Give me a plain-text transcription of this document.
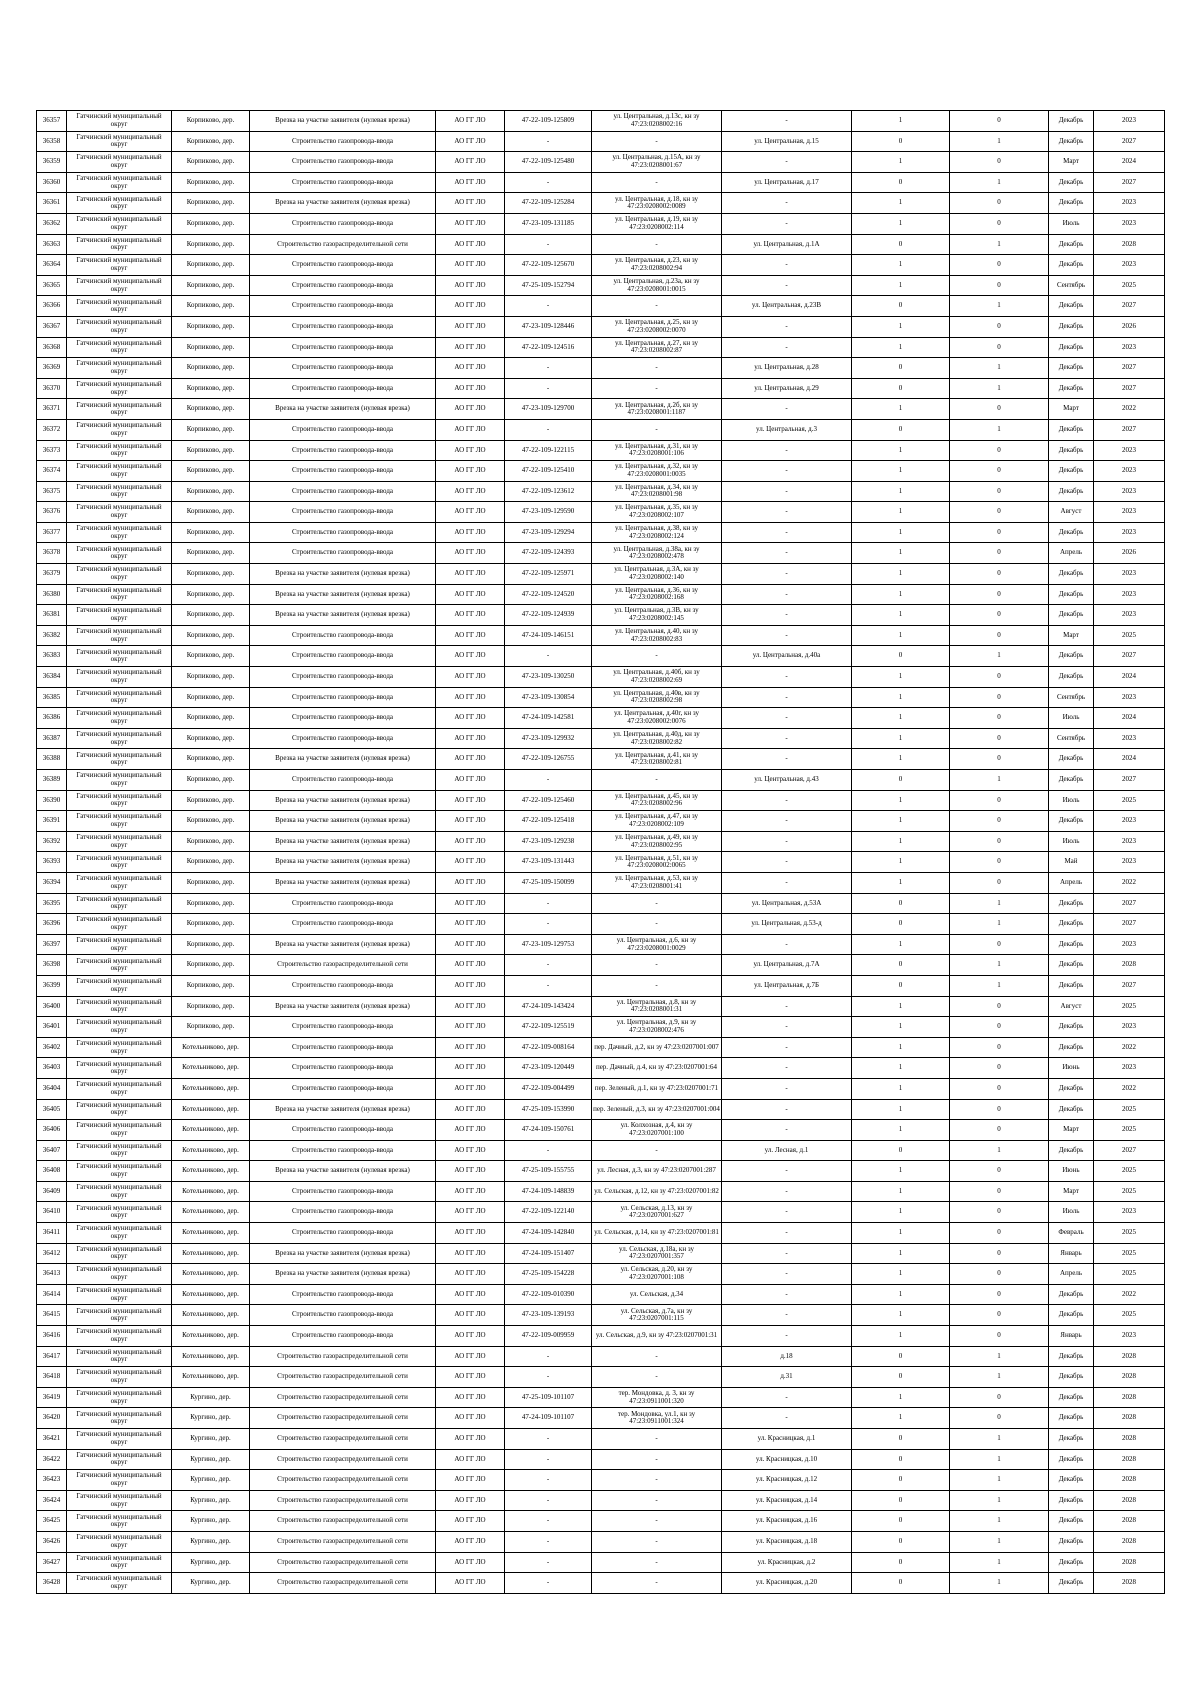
36357	Гатчинский муниципальный округ	Корпиково, дер.	Врезка на участке заявителя (нулевая врезка)	АО ГГ ЛО	47-22-109-125809	ул. Центральная, д.13с, кн зу 47:23:0208002:16	-	1	0	Декабрь	2023
36358	Гатчинский муниципальный округ	Корпиково, дер.	Строительство газопровода-ввода	АО ГГ ЛО	-	-	ул. Центральная, д.15	0	1	Декабрь	2027
36359	Гатчинский муниципальный округ	Корпиково, дер.	Строительство газопровода-ввода	АО ГГ ЛО	47-22-109-125480	ул. Центральная, д.15А, кн зу 47:23:0208001:67	-	1	0	Март	2024
36360	Гатчинский муниципальный округ	Корпиково, дер.	Строительство газопровода-ввода	АО ГГ ЛО	-	-	ул. Центральная, д.17	0	1	Декабрь	2027
36361	Гатчинский муниципальный округ	Корпиково, дер.	Врезка на участке заявителя (нулевая врезка)	АО ГГ ЛО	47-22-109-125284	ул. Центральная, д.18, кн зу 47:23:0208002:0089	-	1	0	Декабрь	2023
36362	Гатчинский муниципальный округ	Корпиково, дер.	Строительство газопровода-ввода	АО ГГ ЛО	47-23-109-131185	ул. Центральная, д.19, кн зу 47:23:0208002:114	-	1	0	Июль	2023
36363	Гатчинский муниципальный округ	Корпиково, дер.	Строительство газораспределительной сети	АО ГГ ЛО	-	-	ул. Центральная, д.1А	0	1	Декабрь	2028
36364	Гатчинский муниципальный округ	Корпиково, дер.	Строительство газопровода-ввода	АО ГГ ЛО	47-22-109-125670	ул. Центральная, д.23, кн зу 47:23:0208002:94	-	1	0	Декабрь	2023
36365	Гатчинский муниципальный округ	Корпиково, дер.	Строительство газопровода-ввода	АО ГГ ЛО	47-25-109-152794	ул. Центральная, д.23а, кн зу 47:23:0208001:0015	-	1	0	Сентябрь	2025
36366	Гатчинский муниципальный округ	Корпиково, дер.	Строительство газопровода-ввода	АО ГГ ЛО	-	-	ул. Центральная, д.23В	0	1	Декабрь	2027
36367	Гатчинский муниципальный округ	Корпиково, дер.	Строительство газопровода-ввода	АО ГГ ЛО	47-23-109-128446	ул. Центральная, д.25, кн зу 47:23:0208002:0070	-	1	0	Декабрь	2026
36368	Гатчинский муниципальный округ	Корпиково, дер.	Строительство газопровода-ввода	АО ГГ ЛО	47-22-109-124516	ул. Центральная, д.27, кн зу 47:23:0208002:87	-	1	0	Декабрь	2023
36369	Гатчинский муниципальный округ	Корпиково, дер.	Строительство газопровода-ввода	АО ГГ ЛО	-	-	ул. Центральная, д.28	0	1	Декабрь	2027
36370	Гатчинский муниципальный округ	Корпиково, дер.	Строительство газопровода-ввода	АО ГГ ЛО	-	-	ул. Центральная, д.29	0	1	Декабрь	2027
36371	Гатчинский муниципальный округ	Корпиково, дер.	Врезка на участке заявителя (нулевая врезка)	АО ГГ ЛО	47-23-109-129700	ул. Центральная, д.2б, кн зу 47:23:0208001:1187	-	1	0	Март	2022
36372	Гатчинский муниципальный округ	Корпиково, дер.	Строительство газопровода-ввода	АО ГГ ЛО	-	-	ул. Центральная, д.3	0	1	Декабрь	2027
36373	Гатчинский муниципальный округ	Корпиково, дер.	Строительство газопровода-ввода	АО ГГ ЛО	47-22-109-122115	ул. Центральная, д.31, кн зу 47:23:0208001:106	-	1	0	Декабрь	2023
36374	Гатчинский муниципальный округ	Корпиково, дер.	Строительство газопровода-ввода	АО ГГ ЛО	47-22-109-125410	ул. Центральная, д.32, кн зу 47:23:0208001:0035	-	1	0	Декабрь	2023
36375	Гатчинский муниципальный округ	Корпиково, дер.	Строительство газопровода-ввода	АО ГГ ЛО	47-22-109-123612	ул. Центральная, д.34, кн зу 47:23:0208001:98	-	1	0	Декабрь	2023
36376	Гатчинский муниципальный округ	Корпиково, дер.	Строительство газопровода-ввода	АО ГГ ЛО	47-23-109-129590	ул. Центральная, д.35, кн зу 47:23:0208002:107	-	1	0	Август	2023
36377	Гатчинский муниципальный округ	Корпиково, дер.	Строительство газопровода-ввода	АО ГГ ЛО	47-23-109-129294	ул. Центральная, д.38, кн зу 47:23:0208002:124	-	1	0	Декабрь	2023
36378	Гатчинский муниципальный округ	Корпиково, дер.	Строительство газопровода-ввода	АО ГГ ЛО	47-22-109-124393	ул. Центральная, д.38а, кн зу 47:23:0208002:478	-	1	0	Апрель	2026
36379	Гатчинский муниципальный округ	Корпиково, дер.	Врезка на участке заявителя (нулевая врезка)	АО ГГ ЛО	47-22-109-125971	ул. Центральная, д.3А, кн зу 47:23:0208002:140	-	1	0	Декабрь	2023
36380	Гатчинский муниципальный округ	Корпиково, дер.	Врезка на участке заявителя (нулевая врезка)	АО ГГ ЛО	47-22-109-124520	ул. Центральная, д.36, кн зу 47:23:0208002:168	-	1	0	Декабрь	2023
36381	Гатчинский муниципальный округ	Корпиково, дер.	Врезка на участке заявителя (нулевая врезка)	АО ГГ ЛО	47-22-109-124939	ул. Центральная, д.3В, кн зу 47:23:0208002:145	-	1	0	Декабрь	2023
36382	Гатчинский муниципальный округ	Корпиково, дер.	Строительство газопровода-ввода	АО ГГ ЛО	47-24-109-146151	ул. Центральная, д.40, кн зу 47:23:0208002:83	-	1	0	Март	2025
36383	Гатчинский муниципальный округ	Корпиково, дер.	Строительство газопровода-ввода	АО ГГ ЛО	-	-	ул. Центральная, д.40а	0	1	Декабрь	2027
36384	Гатчинский муниципальный округ	Корпиково, дер.	Строительство газопровода-ввода	АО ГГ ЛО	47-23-109-130250	ул. Центральная, д.40б, кн зу 47:23:0208002:69	-	1	0	Декабрь	2024
36385	Гатчинский муниципальный округ	Корпиково, дер.	Строительство газопровода-ввода	АО ГГ ЛО	47-23-109-130854	ул. Центральная, д.40в, кн зу 47:23:0208002:98	-	1	0	Сентябрь	2023
36386	Гатчинский муниципальный округ	Корпиково, дер.	Строительство газопровода-ввода	АО ГГ ЛО	47-24-109-142581	ул. Центральная, д.40г, кн зу 47:23:0208002:0076	-	1	0	Июль	2024
36387	Гатчинский муниципальный округ	Корпиково, дер.	Строительство газопровода-ввода	АО ГГ ЛО	47-23-109-129932	ул. Центральная, д.40д, кн зу 47:23:0208002:82	-	1	0	Сентябрь	2023
36388	Гатчинский муниципальный округ	Корпиково, дер.	Врезка на участке заявителя (нулевая врезка)	АО ГГ ЛО	47-22-109-126755	ул. Центральная, д.41, кн зу 47:23:0208002:81	-	1	0	Декабрь	2024
36389	Гатчинский муниципальный округ	Корпиково, дер.	Строительство газопровода-ввода	АО ГГ ЛО	-	-	ул. Центральная, д.43	0	1	Декабрь	2027
36390	Гатчинский муниципальный округ	Корпиково, дер.	Врезка на участке заявителя (нулевая врезка)	АО ГГ ЛО	47-22-109-125460	ул. Центральная, д.45, кн зу 47:23:0208002:96	-	1	0	Июль	2025
36391	Гатчинский муниципальный округ	Корпиково, дер.	Врезка на участке заявителя (нулевая врезка)	АО ГГ ЛО	47-22-109-125418	ул. Центральная, д.47, кн зу 47:23:0208002:109	-	1	0	Декабрь	2023
36392	Гатчинский муниципальный округ	Корпиково, дер.	Врезка на участке заявителя (нулевая врезка)	АО ГГ ЛО	47-23-109-129238	ул. Центральная, д.49, кн зу 47:23:0208002:95	-	1	0	Июль	2023
36393	Гатчинский муниципальный округ	Корпиково, дер.	Врезка на участке заявителя (нулевая врезка)	АО ГГ ЛО	47-23-109-131443	ул. Центральная, д.51, кн зу 47:23:0208002:0065	-	1	0	Май	2023
36394	Гатчинский муниципальный округ	Корпиково, дер.	Врезка на участке заявителя (нулевая врезка)	АО ГГ ЛО	47-25-109-150099	ул. Центральная, д.53, кн зу 47:23:0208001:41	-	1	0	Апрель	2022
36395	Гатчинский муниципальный округ	Корпиково, дер.	Строительство газопровода-ввода	АО ГГ ЛО	-	-	ул. Центральная, д.53А	0	1	Декабрь	2027
36396	Гатчинский муниципальный округ	Корпиково, дер.	Строительство газопровода-ввода	АО ГГ ЛО	-	-	ул. Центральная, д.53-д	0	1	Декабрь	2027
36397	Гатчинский муниципальный округ	Корпиково, дер.	Врезка на участке заявителя (нулевая врезка)	АО ГГ ЛО	47-23-109-129753	ул. Центральная, д.6, кн зу 47:23:0208001:0029	-	1	0	Декабрь	2023
36398	Гатчинский муниципальный округ	Корпиково, дер.	Строительство газораспределительной сети	АО ГГ ЛО	-	-	ул. Центральная, д.7А	0	1	Декабрь	2028
36399	Гатчинский муниципальный округ	Корпиково, дер.	Строительство газопровода-ввода	АО ГГ ЛО	-	-	ул. Центральная, д.7Б	0	1	Декабрь	2027
36400	Гатчинский муниципальный округ	Корпиково, дер.	Врезка на участке заявителя (нулевая врезка)	АО ГГ ЛО	47-24-109-143424	ул. Центральная, д.8, кн зу 47:23:0208001:31	-	1	0	Август	2025
36401	Гатчинский муниципальный округ	Корпиково, дер.	Строительство газопровода-ввода	АО ГГ ЛО	47-22-109-125519	ул. Центральная, д.9, кн зу 47:23:0208002:476	-	1	0	Декабрь	2023
36402	Гатчинский муниципальный округ	Котельниково, дер.	Строительство газопровода-ввода	АО ГГ ЛО	47-22-109-008164	пер. Дачный, д.2, кн зу 47:23:0207001:007	-	1	0	Декабрь	2022
36403	Гатчинский муниципальный округ	Котельниково, дер.	Строительство газопровода-ввода	АО ГГ ЛО	47-23-109-120449	пер. Дачный, д.4, кн зу 47:23:0207001:64	-	1	0	Июнь	2023
36404	Гатчинский муниципальный округ	Котельниково, дер.	Строительство газопровода-ввода	АО ГГ ЛО	47-22-109-004499	пер. Зеленый, д.1, кн зу 47:23:0207001:71	-	1	0	Декабрь	2022
36405	Гатчинский муниципальный округ	Котельниково, дер.	Врезка на участке заявителя (нулевая врезка)	АО ГГ ЛО	47-25-109-153990	пер. Зеленый, д.3, кн зу 47:23:0207001:004	-	1	0	Декабрь	2025
36406	Гатчинский муниципальный округ	Котельниково, дер.	Строительство газопровода-ввода	АО ГГ ЛО	47-24-109-150761	ул. Колхозная, д.4, кн зу 47:23:0207001:100	-	1	0	Март	2025
36407	Гатчинский муниципальный округ	Котельниково, дер.	Строительство газопровода-ввода	АО ГГ ЛО	-	-	ул. Лесная, д.1	0	1	Декабрь	2027
36408	Гатчинский муниципальный округ	Котельниково, дер.	Врезка на участке заявителя (нулевая врезка)	АО ГГ ЛО	47-25-109-155755	ул. Лесная, д.3, кн зу 47:23:0207001:287	-	1	0	Июнь	2025
36409	Гатчинский муниципальный округ	Котельниково, дер.	Строительство газопровода-ввода	АО ГГ ЛО	47-24-109-148839	ул. Сельская, д.12, кн зу 47:23:0207001:82	-	1	0	Март	2025
36410	Гатчинский муниципальный округ	Котельниково, дер.	Строительство газопровода-ввода	АО ГГ ЛО	47-22-109-122140	ул. Сельская, д.13, кн зу 47:23:0207001:627	-	1	0	Июль	2023
36411	Гатчинский муниципальный округ	Котельниково, дер.	Строительство газопровода-ввода	АО ГГ ЛО	47-24-109-142840	ул. Сельская, д.14, кн зу 47:23:0207001:81	-	1	0	Февраль	2025
36412	Гатчинский муниципальный округ	Котельниково, дер.	Врезка на участке заявителя (нулевая врезка)	АО ГГ ЛО	47-24-109-151407	ул. Сельская, д.18а, кн зу 47:23:0207001:357	-	1	0	Январь	2025
36413	Гатчинский муниципальный округ	Котельниково, дер.	Врезка на участке заявителя (нулевая врезка)	АО ГГ ЛО	47-25-109-154228	ул. Сельская, д.20, кн зу 47:23:0207001:108	-	1	0	Апрель	2025
36414	Гатчинский муниципальный округ	Котельниково, дер.	Строительство газопровода-ввода	АО ГГ ЛО	47-22-109-010390	ул. Сельская, д.34	-	1	0	Декабрь	2022
36415	Гатчинский муниципальный округ	Котельниково, дер.	Строительство газопровода-ввода	АО ГГ ЛО	47-23-109-139193	ул. Сельская, д.7а, кн зу 47:23:0207001:115	-	1	0	Декабрь	2025
36416	Гатчинский муниципальный округ	Котельниково, дер.	Строительство газопровода-ввода	АО ГГ ЛО	47-22-109-009959	ул. Сельская, д.9, кн зу 47:23:0207001:31	-	1	0	Январь	2023
36417	Гатчинский муниципальный округ	Котельниково, дер.	Строительство газораспределительной сети	АО ГГ ЛО	-	-	д.18	0	1	Декабрь	2028
36418	Гатчинский муниципальный округ	Котельниково, дер.	Строительство газораспределительной сети	АО ГГ ЛО	-	-	д.31	0	1	Декабрь	2028
36419	Гатчинский муниципальный округ	Кургино, дер.	Строительство газораспределительной сети	АО ГГ ЛО	47-25-109-101107	тер. Мондовка, д. 3, кн зу 47:23:0911001:320	-	1	0	Декабрь	2028
36420	Гатчинский муниципальный округ	Кургино, дер.	Строительство газораспределительной сети	АО ГГ ЛО	47-24-109-101107	тер. Мондовка, ул.1, кн зу 47:23:0911001:324	-	1	0	Декабрь	2028
36421	Гатчинский муниципальный округ	Кургино, дер.	Строительство газораспределительной сети	АО ГГ ЛО	-	-	ул. Красницкая, д.1	0	1	Декабрь	2028
36422	Гатчинский муниципальный округ	Кургино, дер.	Строительство газораспределительной сети	АО ГГ ЛО	-	-	ул. Красницкая, д.10	0	1	Декабрь	2028
36423	Гатчинский муниципальный округ	Кургино, дер.	Строительство газораспределительной сети	АО ГГ ЛО	-	-	ул. Красницкая, д.12	0	1	Декабрь	2028
36424	Гатчинский муниципальный округ	Кургино, дер.	Строительство газораспределительной сети	АО ГГ ЛО	-	-	ул. Красницкая, д.14	0	1	Декабрь	2028
36425	Гатчинский муниципальный округ	Кургино, дер.	Строительство газораспределительной сети	АО ГГ ЛО	-	-	ул. Красницкая, д.16	0	1	Декабрь	2028
36426	Гатчинский муниципальный округ	Кургино, дер.	Строительство газораспределительной сети	АО ГГ ЛО	-	-	ул. Красницкая, д.18	0	1	Декабрь	2028
36427	Гатчинский муниципальный округ	Кургино, дер.	Строительство газораспределительной сети	АО ГГ ЛО	-	-	ул. Красницкая, д.2	0	1	Декабрь	2028
36428	Гатчинский муниципальный округ	Кургино, дер.	Строительство газораспределительной сети	АО ГГ ЛО	-	-	ул. Красницкая, д.20	0	1	Декабрь	2028
